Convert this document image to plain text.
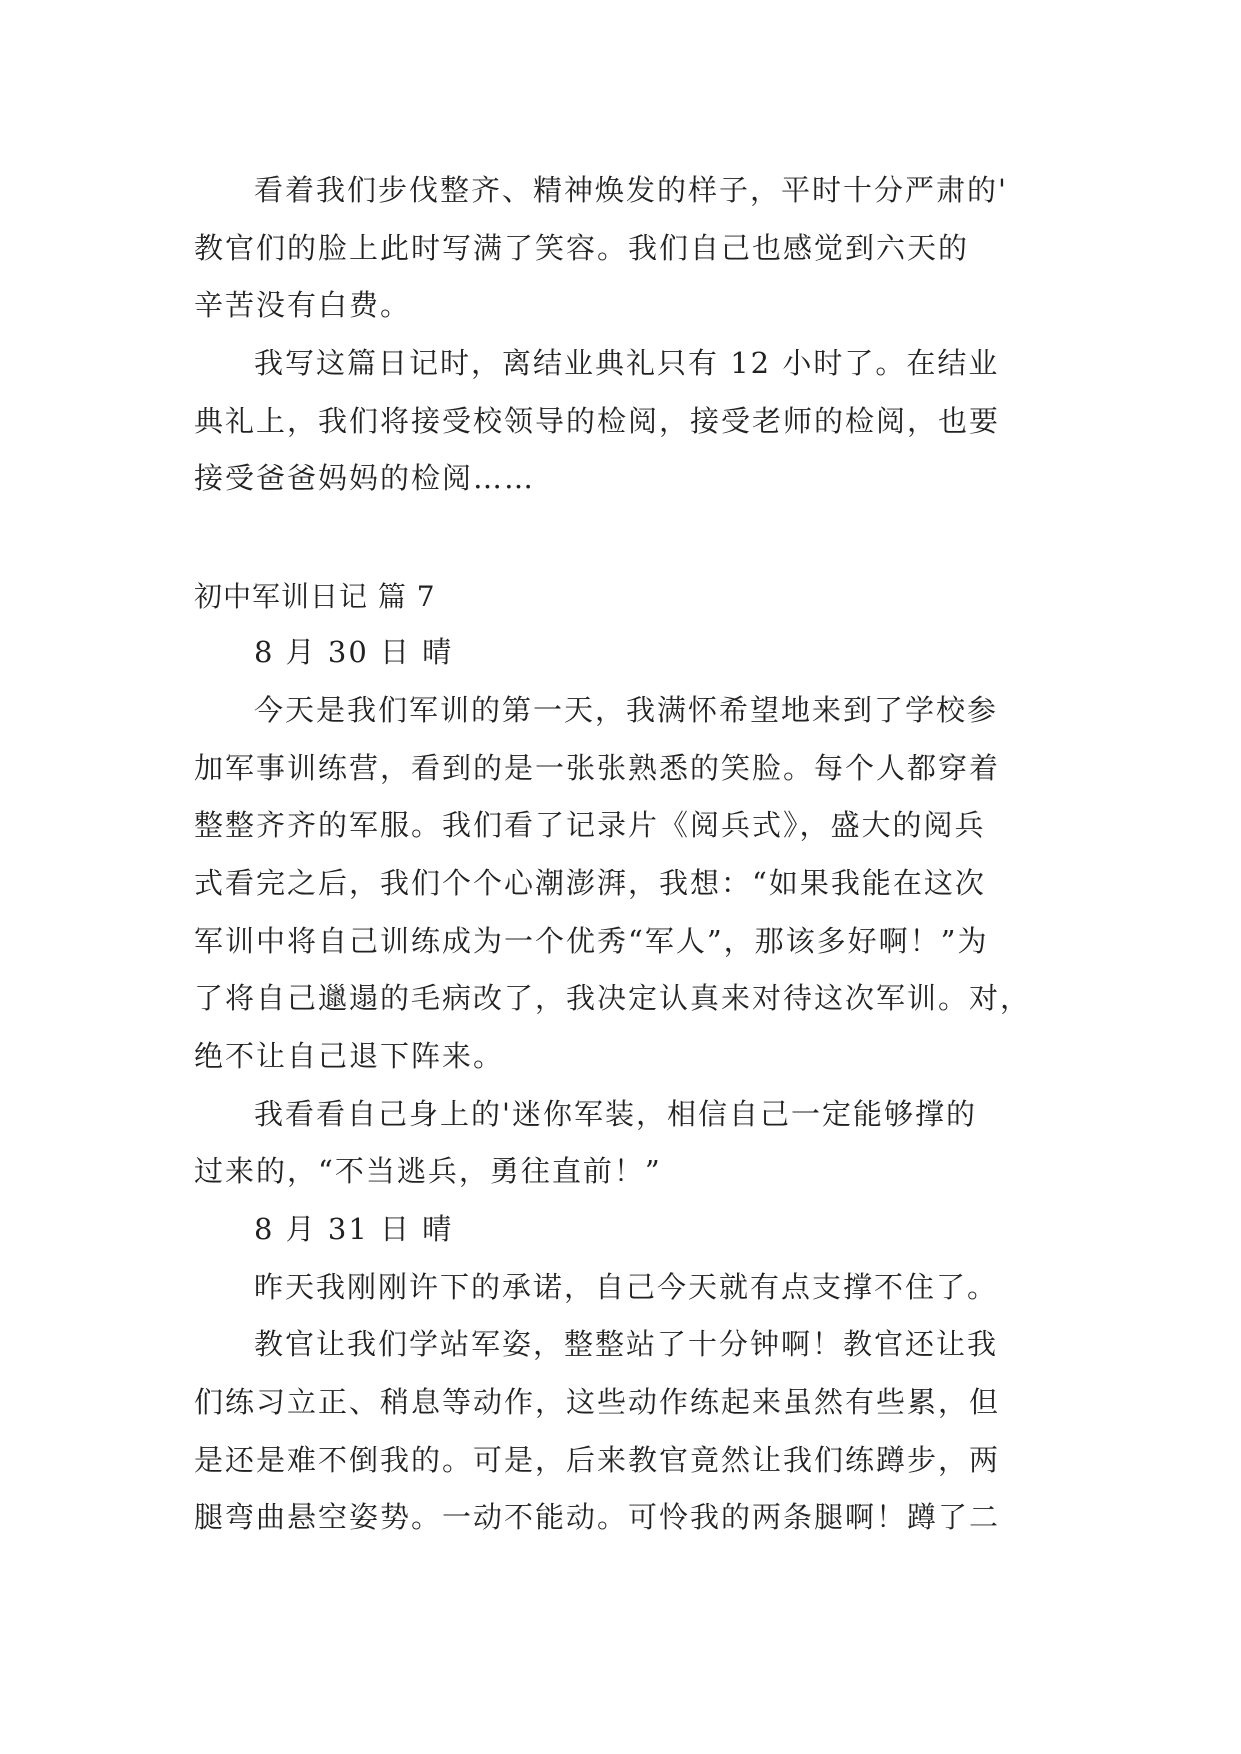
看着我们步伐整齐、精神焕发的样子，平时十分严肃的'
教官们的脸上此时写满了笑容。我们自己也感觉到六天的
辛苦没有白费。
我写这篇日记时，离结业典礼只有 12 小时了。在结业
典礼上，我们将接受校领导的检阅，接受老师的检阅，也要
接受爸爸妈妈的检阅……
初中军训日记 篇 7
8 月 30 日 晴
今天是我们军训的第一天，我满怀希望地来到了学校参
加军事训练营，看到的是一张张熟悉的笑脸。每个人都穿着
整整齐齐的军服。我们看了记录片《阅兵式》，盛大的阅兵
式看完之后，我们个个心潮澎湃，我想：“如果我能在这次
军训中将自己训练成为一个优秀“军人”，那该多好啊！”为
了将自己邋遢的毛病改了，我决定认真来对待这次军训。对，
绝不让自己退下阵来。
我看看自己身上的'迷你军装，相信自己一定能够撑的
过来的，“不当逃兵，勇往直前！”
8 月 31 日 晴
昨天我刚刚许下的承诺，自己今天就有点支撑不住了。
教官让我们学站军姿，整整站了十分钟啊！教官还让我
们练习立正、稍息等动作，这些动作练起来虽然有些累，但
是还是难不倒我的。可是，后来教官竟然让我们练蹲步，两
腿弯曲悬空姿势。一动不能动。可怜我的两条腿啊！蹲了二
